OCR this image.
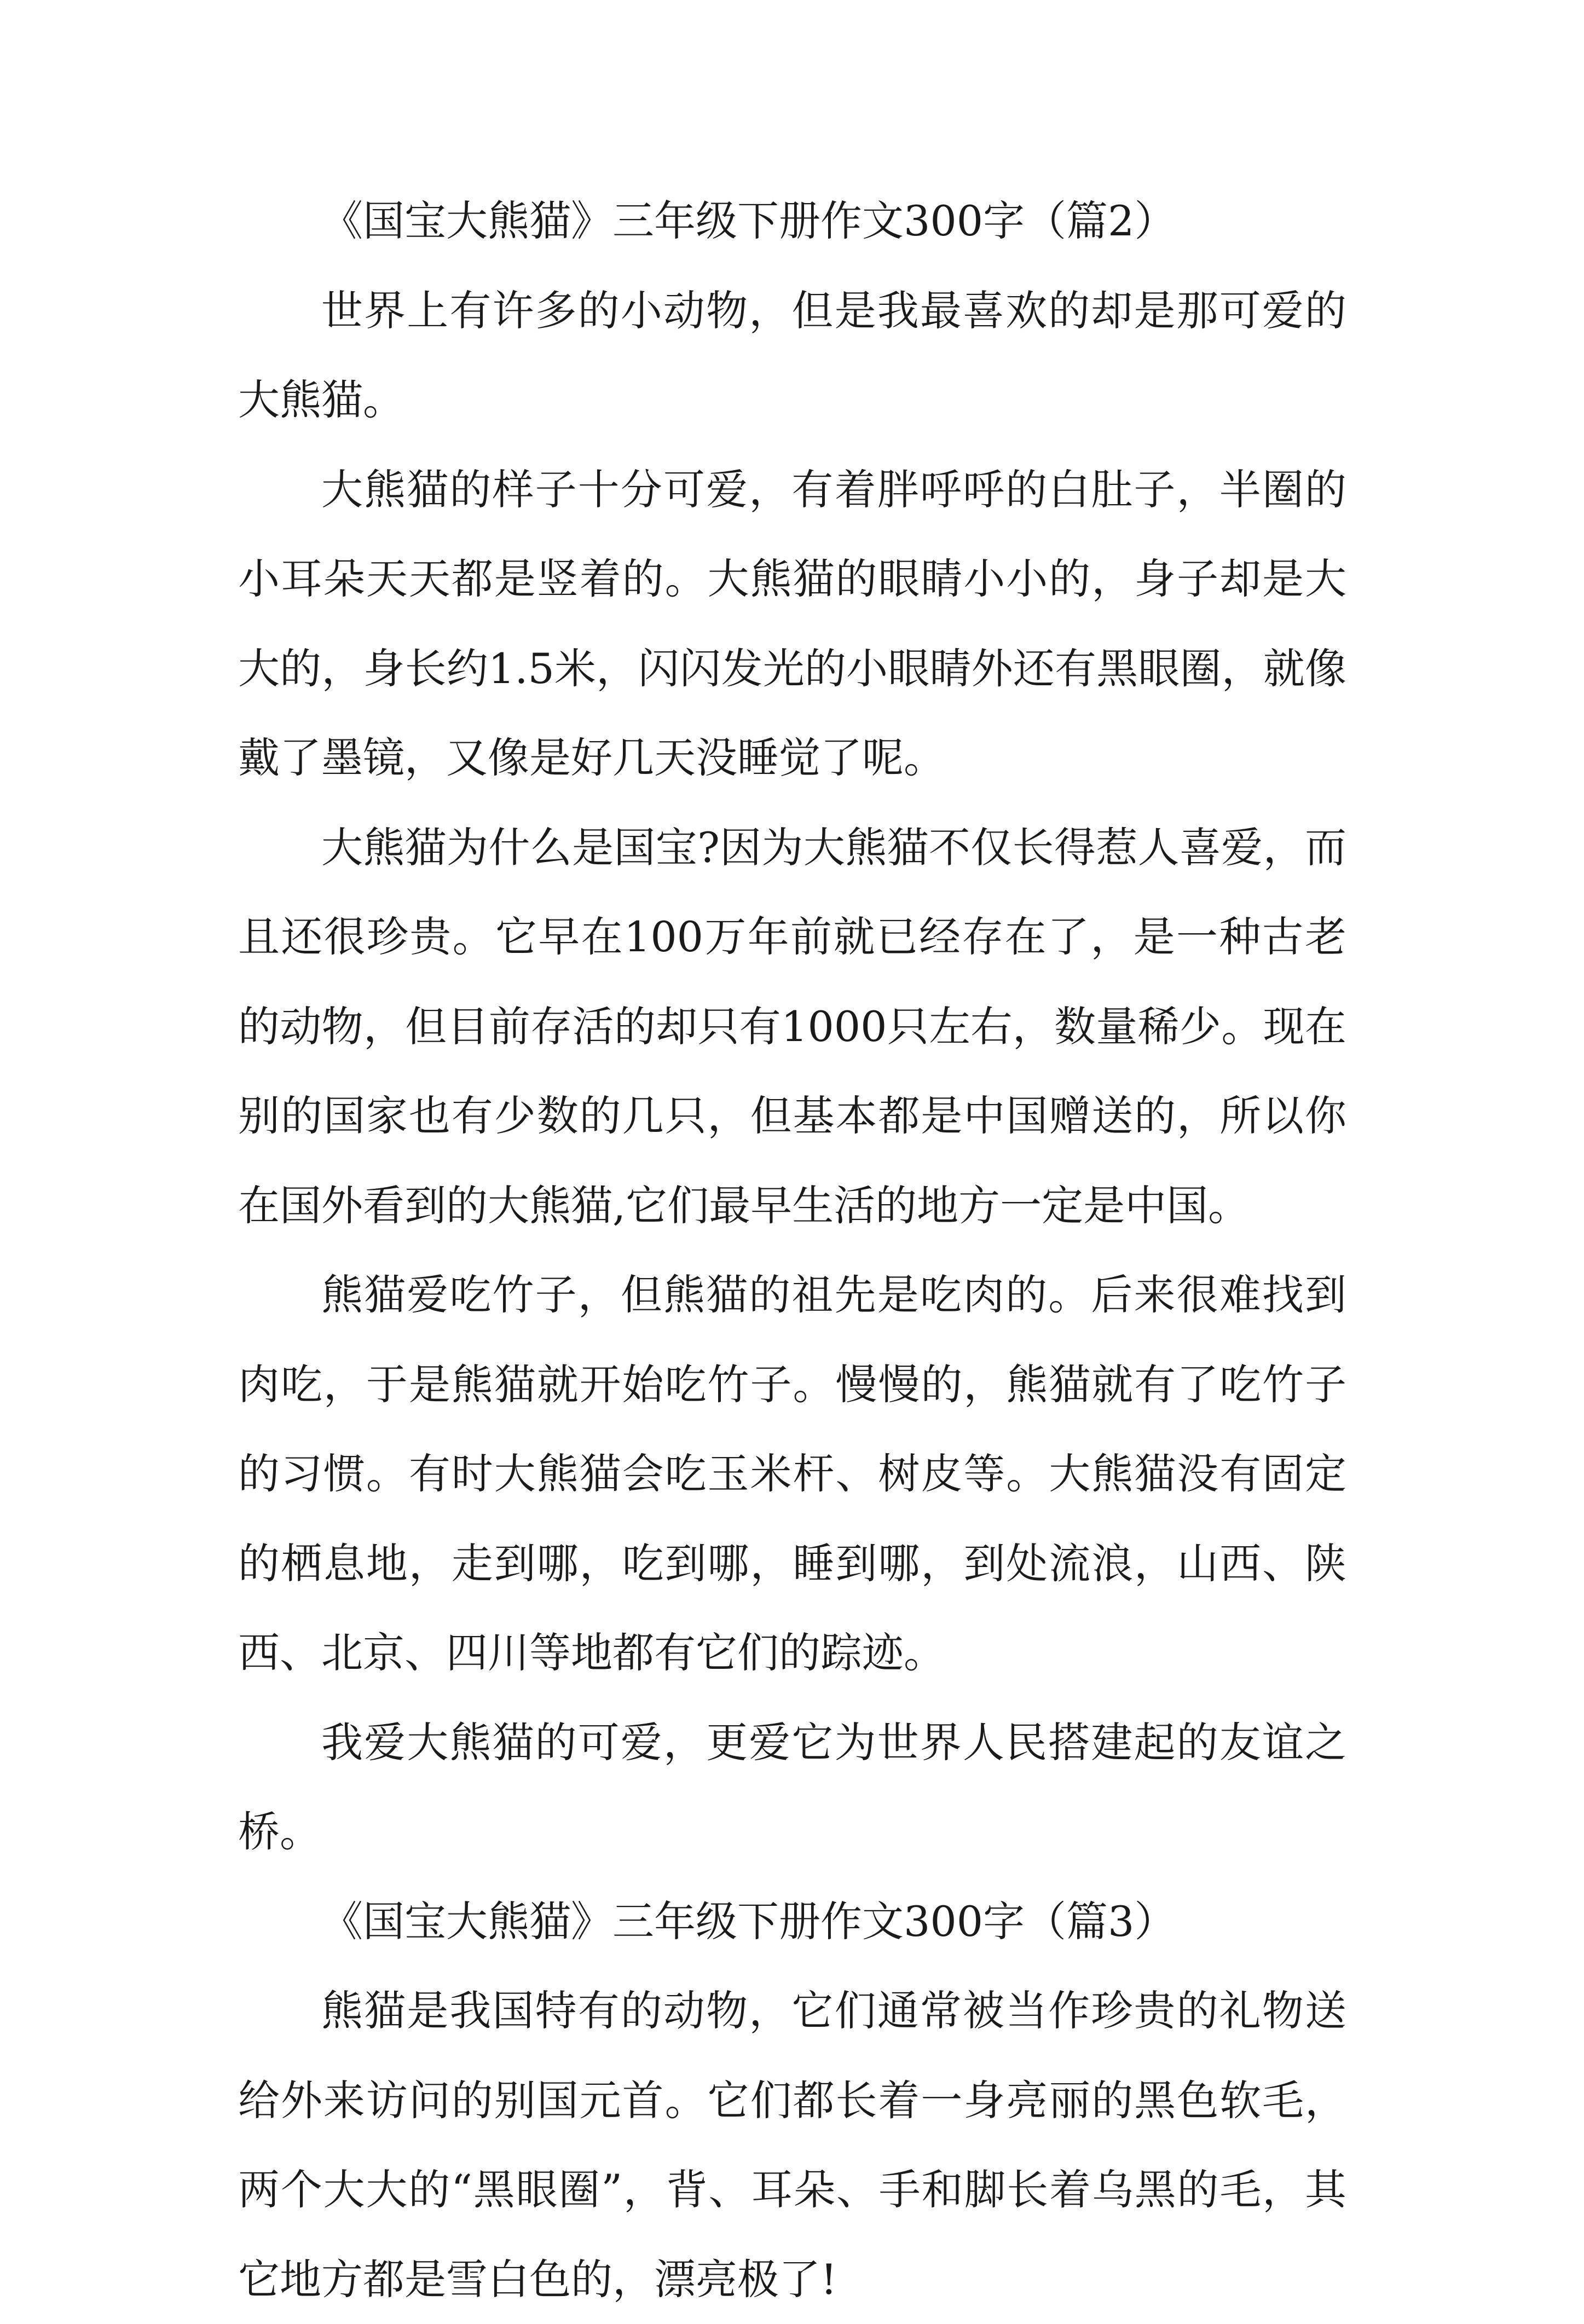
《国宝大熊猫》三年级下册作文300字（篇2）

世界上有许多的小动物，但是我最喜欢的却是那可爱的大熊猫。

大熊猫的样子十分可爱，有着胖呼呼的白肚子，半圈的小耳朵天天都是竖着的。大熊猫的眼睛小小的，身子却是大大的，身长约1.5米，闪闪发光的小眼睛外还有黑眼圈，就像戴了墨镜，又像是好几天没睡觉了呢。

大熊猫为什么是国宝?因为大熊猫不仅长得惹人喜爱，而且还很珍贵。它早在100万年前就已经存在了，是一种古老的动物，但目前存活的却只有1000只左右，数量稀少。现在别的国家也有少数的几只，但基本都是中国赠送的，所以你在国外看到的大熊猫,它们最早生活的地方一定是中国。

熊猫爱吃竹子，但熊猫的祖先是吃肉的。后来很难找到肉吃，于是熊猫就开始吃竹子。慢慢的，熊猫就有了吃竹子的习惯。有时大熊猫会吃玉米杆、树皮等。大熊猫没有固定的栖息地，走到哪，吃到哪，睡到哪，到处流浪，山西、陕西、北京、四川等地都有它们的踪迹。

我爱大熊猫的可爱，更爱它为世界人民搭建起的友谊之桥。

《国宝大熊猫》三年级下册作文300字（篇3）

熊猫是我国特有的动物，它们通常被当作珍贵的礼物送给外来访问的别国元首。它们都长着一身亮丽的黑色软毛，两个大大的“黑眼圈”，背、耳朵、手和脚长着乌黑的毛，其它地方都是雪白色的，漂亮极了!
